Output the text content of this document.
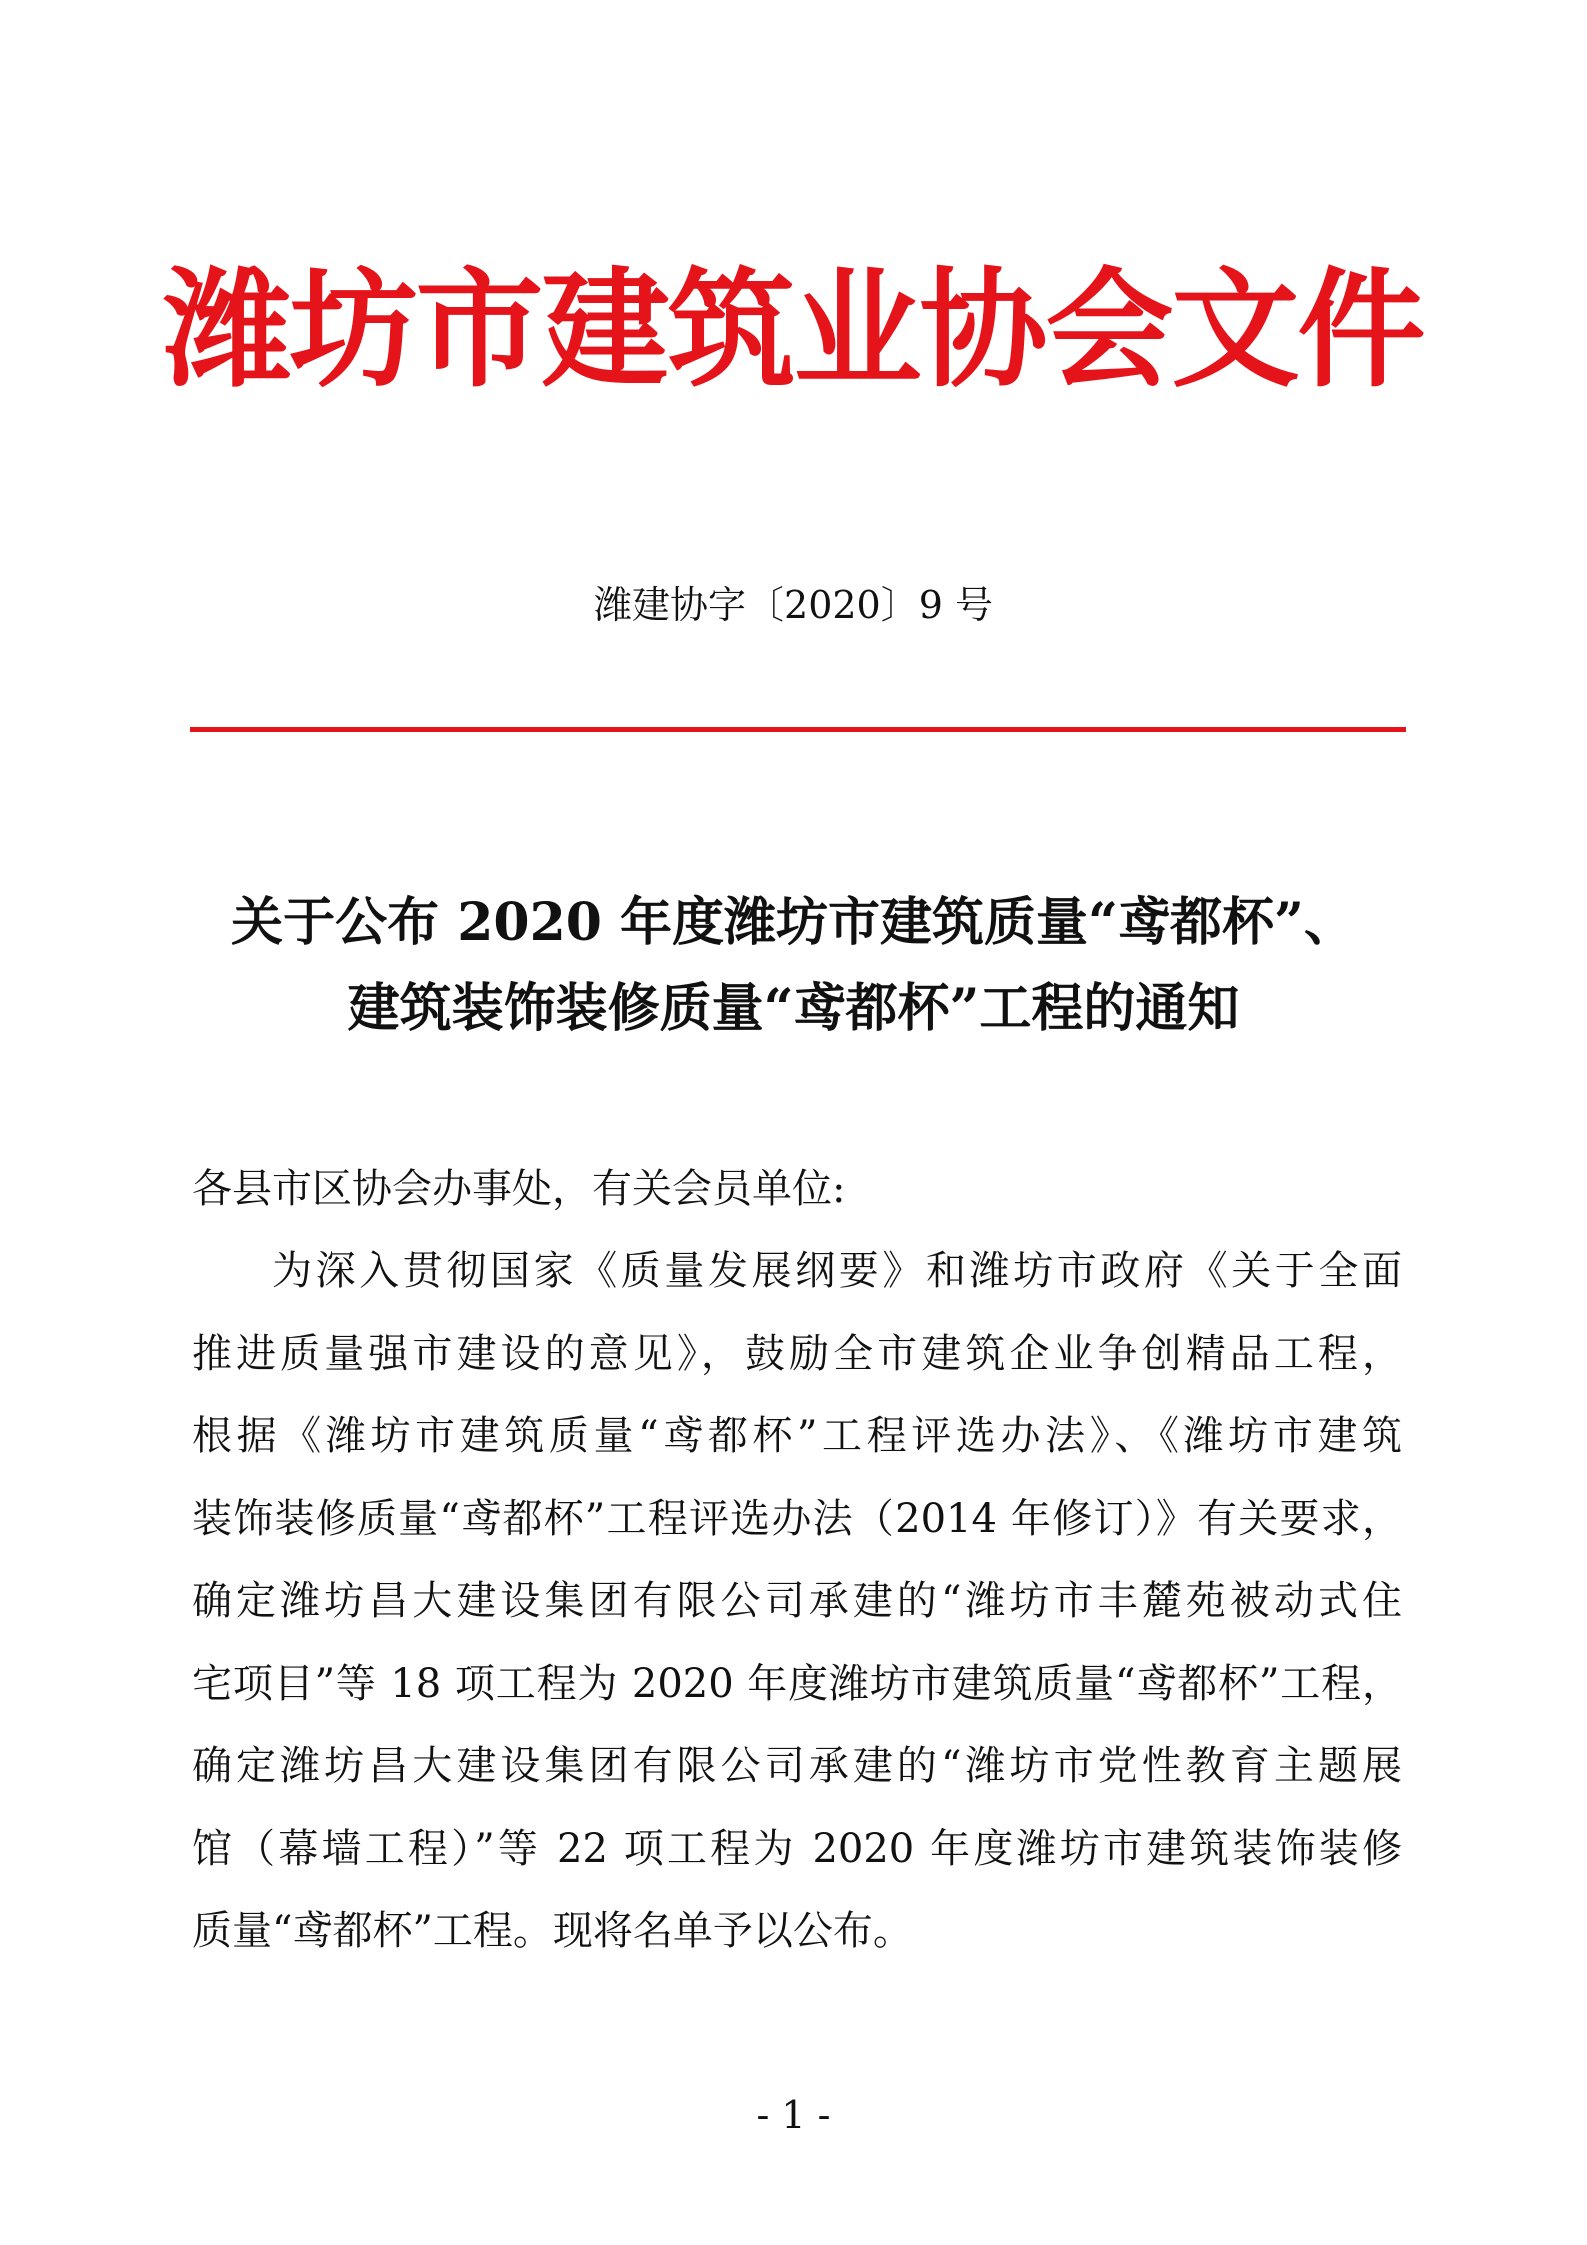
潍坊市建筑业协会文件
潍建协字〔2020〕9 号
关于公布 2020 年度潍坊市建筑质量“鸢都杯”、
建筑装饰装修质量“鸢都杯”工程的通知
各县市区协会办事处，有关会员单位:
为深入贯彻国家《质量发展纲要》和潍坊市政府《关于全面
推进质量强市建设的意见》，鼓励全市建筑企业争创精品工程，
根据《潍坊市建筑质量“鸢都杯”工程评选办法》、《潍坊市建筑
装饰装修质量“鸢都杯”工程评选办法（2014 年修订）》有关要求，
确定潍坊昌大建设集团有限公司承建的“潍坊市丰麓苑被动式住
宅项目”等 18 项工程为 2020 年度潍坊市建筑质量“鸢都杯”工程，
确定潍坊昌大建设集团有限公司承建的“潍坊市党性教育主题展
馆（幕墙工程）”等 22 项工程为 2020 年度潍坊市建筑装饰装修
质量“鸢都杯”工程。现将名单予以公布。
- 1 -
